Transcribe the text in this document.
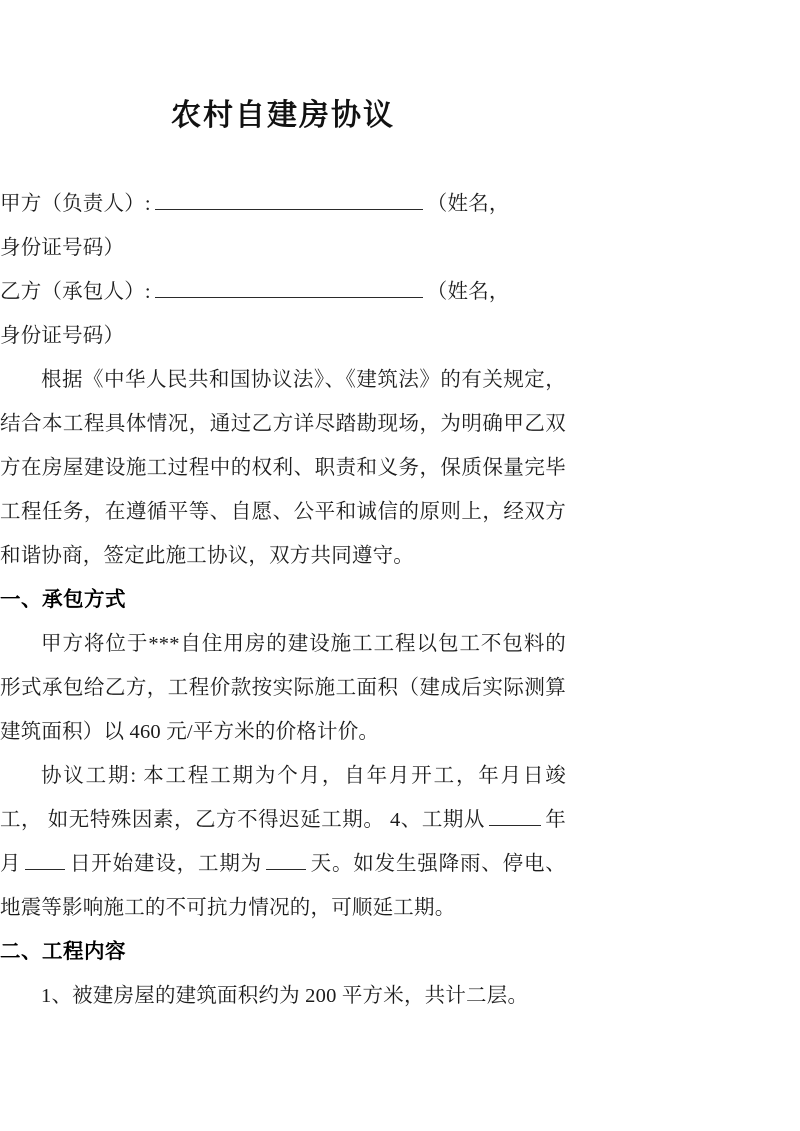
农村自建房协议

甲方（负责人）:	（姓名，

身份证号码）

乙方（承包人）:	（姓名，

身份证号码）

根据《中华人民共和国协议法》、《建筑法》的有关规定，结合本工程具体情况，通过乙方详尽踏勘现场，为明确甲乙双方在房屋建设施工过程中的权利、职责和义务，保质保量完毕工程任务，在遵循平等、自愿、公平和诚信的原则上，经双方和谐协商，签定此施工协议，双方共同遵守。

一、承包方式

甲方将位于***自住用房的建设施工工程以包工不包料的形式承包给乙方，工程价款按实际施工面积（建成后实际测算建筑面积）以 460 元/平方米的价格计价。

协议工期: 本工程工期为个月，自年月开工，年月日竣工， 如无特殊因素，乙方不得迟延工期。 4、工期从	年月 日开始建设，工期为 天。如发生强降雨、停电、地震等影响施工的不可抗力情况的，可顺延工期。

二、工程内容

1、被建房屋的建筑面积约为 200 平方米，共计二层。
